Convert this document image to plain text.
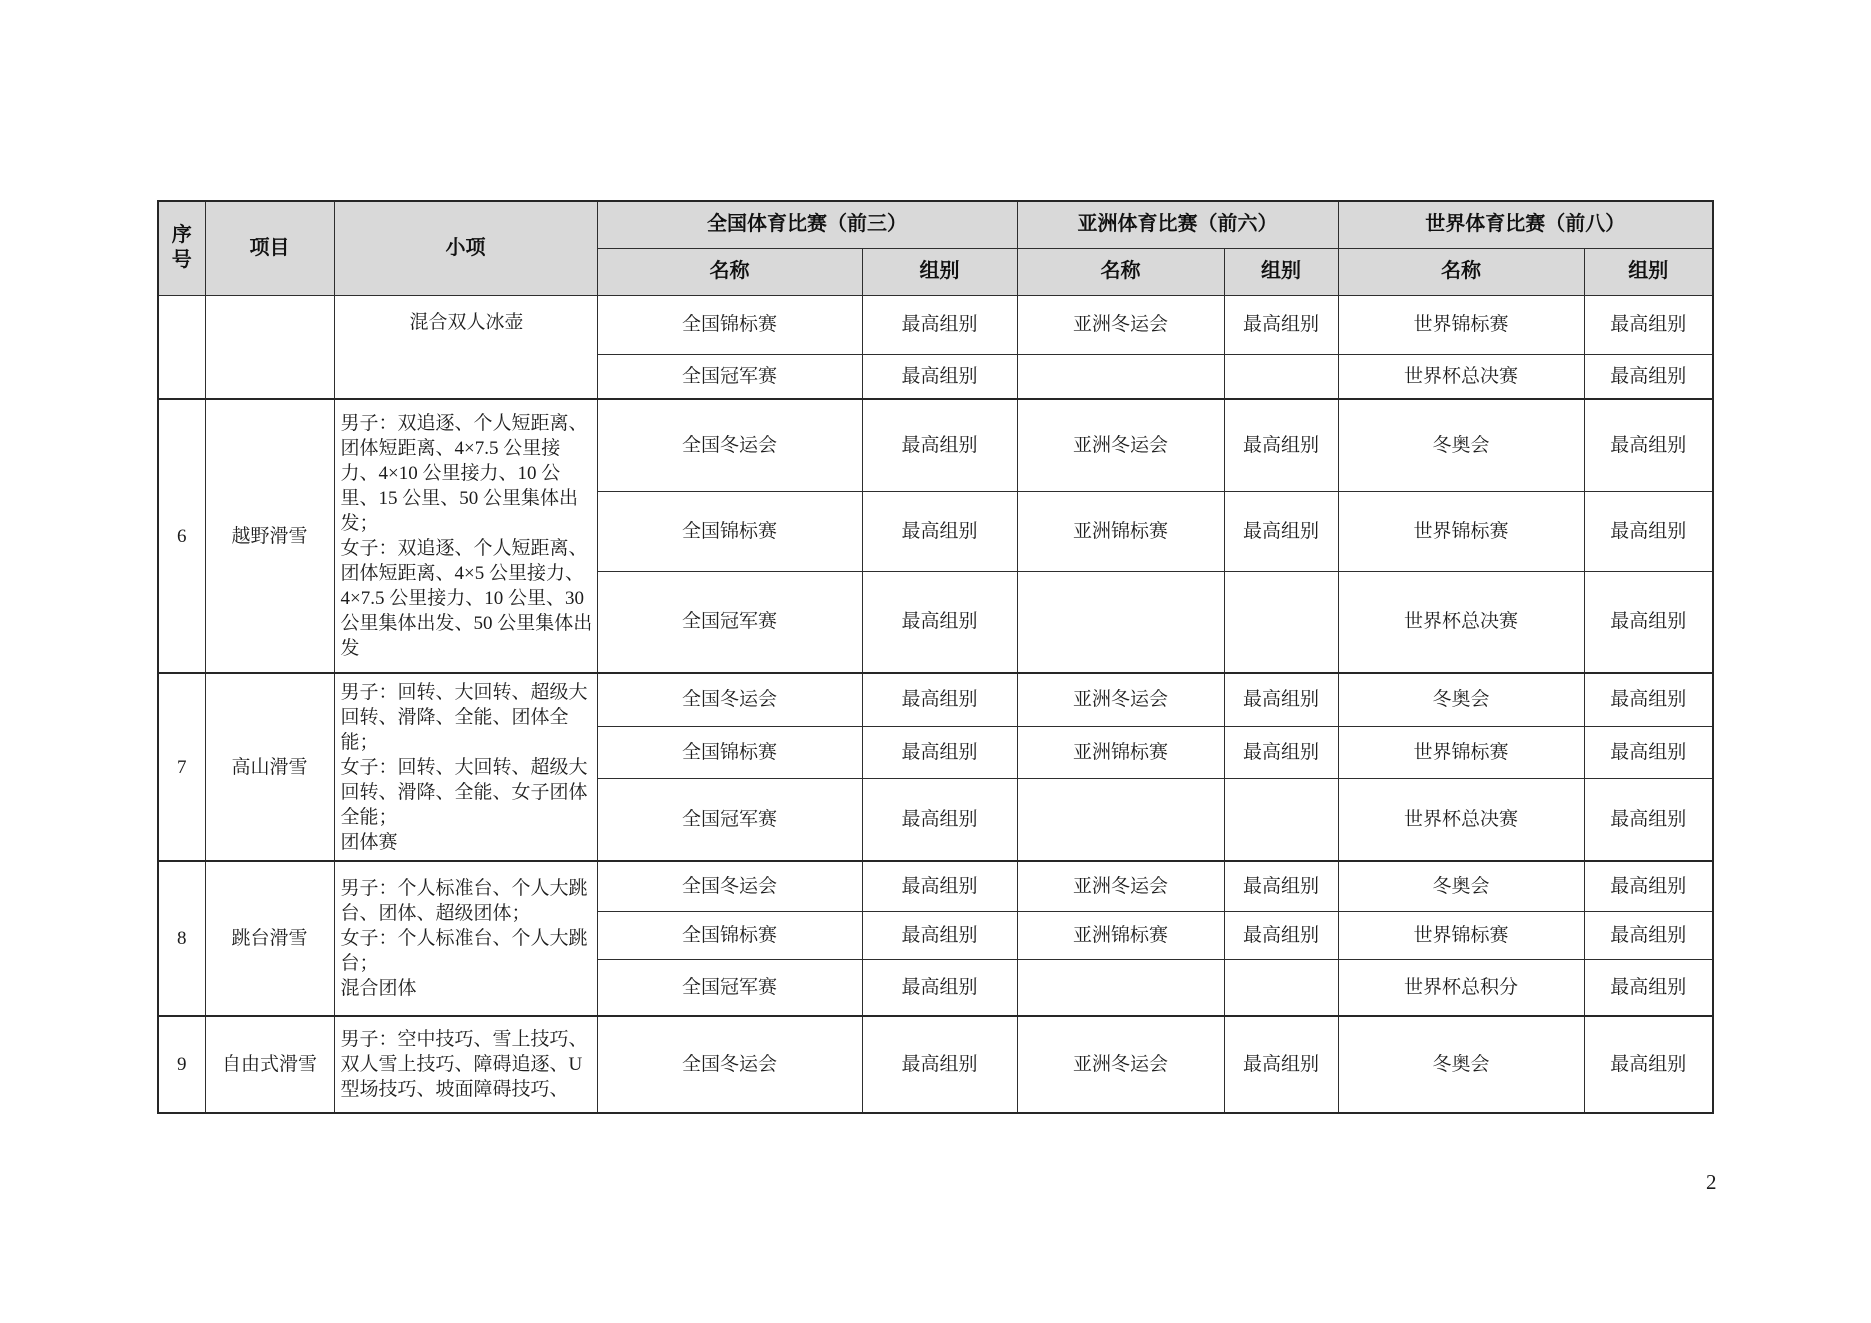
序号	项目	小项	全国体育比赛（前三）		亚洲体育比赛（前六）		世界体育比赛（前八）	
			名称	组别	名称	组别	名称	组别

		混合双人冰壶	全国锦标赛	最高组别	亚洲冬运会	最高组别	世界锦标赛	最高组别
			全国冠军赛	最高组别			世界杯总决赛	最高组别
6	越野滑雪	男子：双追逐、个人短距离、团体短距离、4×7.5 公里接力、4×10 公里接力、10 公里、15 公里、50 公里集体出发；
女子：双追逐、个人短距离、团体短距离、4×5 公里接力、4×7.5 公里接力、10 公里、30 公里集体出发、50 公里集体出发	全国冬运会	最高组别	亚洲冬运会	最高组别	冬奥会	最高组别
			全国锦标赛	最高组别	亚洲锦标赛	最高组别	世界锦标赛	最高组别
			全国冠军赛	最高组别			世界杯总决赛	最高组别
7	高山滑雪	男子：回转、大回转、超级大回转、滑降、全能、团体全能；
女子：回转、大回转、超级大回转、滑降、全能、女子团体全能；
团体赛	全国冬运会	最高组别	亚洲冬运会	最高组别	冬奥会	最高组别
			全国锦标赛	最高组别	亚洲锦标赛	最高组别	世界锦标赛	最高组别
			全国冠军赛	最高组别			世界杯总决赛	最高组别
8	跳台滑雪	男子：个人标准台、个人大跳台、团体、超级团体；
女子：个人标准台、个人大跳台；
混合团体	全国冬运会	最高组别	亚洲冬运会	最高组别	冬奥会	最高组别
			全国锦标赛	最高组别	亚洲锦标赛	最高组别	世界锦标赛	最高组别
			全国冠军赛	最高组别			世界杯总积分	最高组别
9	自由式滑雪	男子：空中技巧、雪上技巧、双人雪上技巧、障碍追逐、U 型场技巧、坡面障碍技巧、	全国冬运会	最高组别	亚洲冬运会	最高组别	冬奥会	最高组别
2
